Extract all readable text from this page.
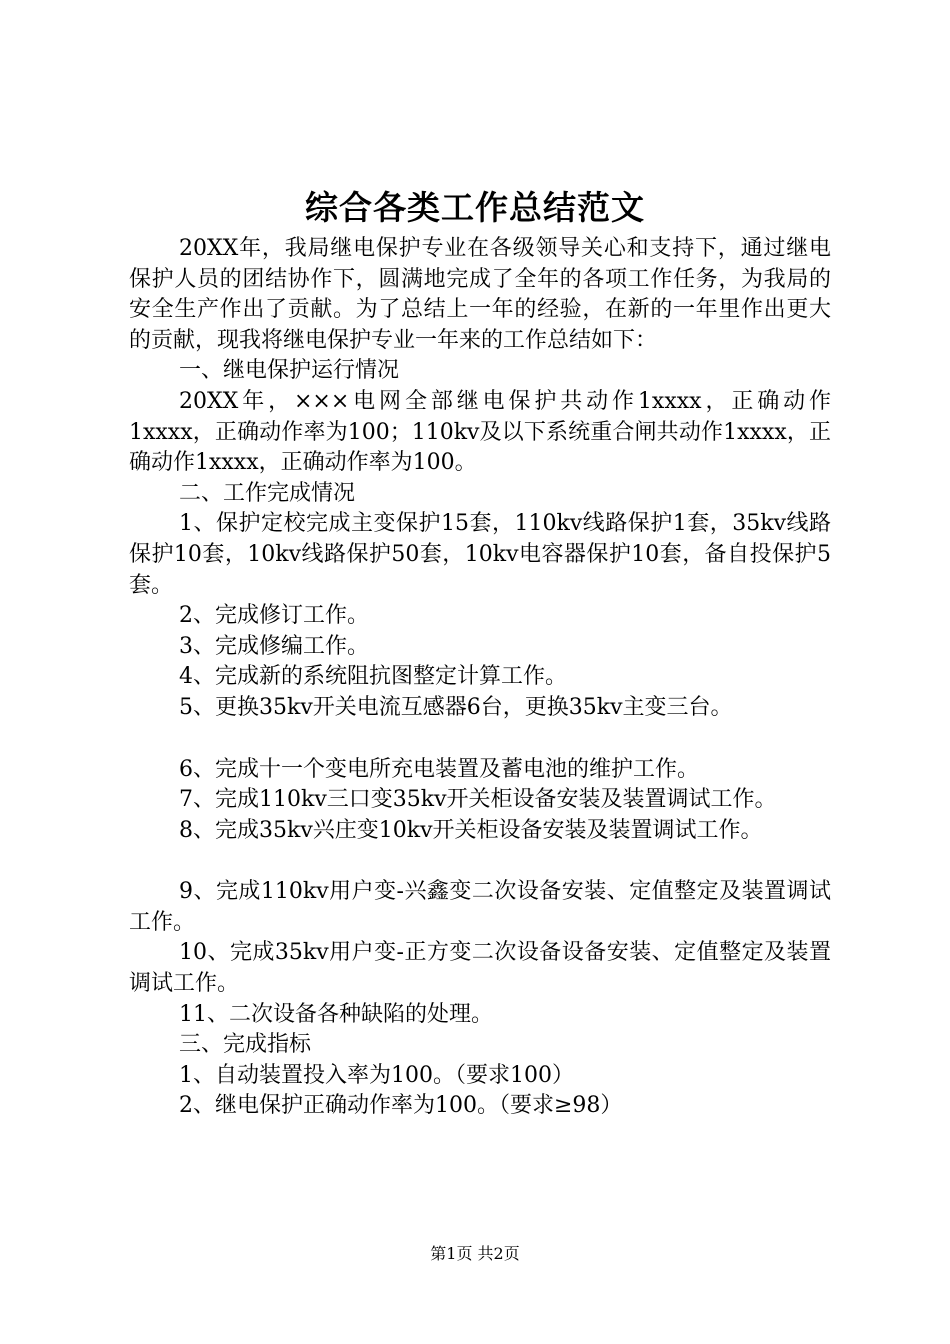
综合各类工作总结范文

20XX年，我局继电保护专业在各级领导关心和支持下，通过继电保护人员的团结协作下，圆满地完成了全年的各项工作任务，为我局的安全生产作出了贡献。为了总结上一年的经验，在新的一年里作出更大的贡献，现我将继电保护专业一年来的工作总结如下：

一、继电保护运行情况

20XX年，×××电网全部继电保护共动作1xxxx，正确动作1xxxx，正确动作率为100；110kv及以下系统重合闸共动作1xxxx，正确动作1xxxx，正确动作率为100。

二、工作完成情况

1、保护定校完成主变保护15套，110kv线路保护1套，35kv线路保护10套，10kv线路保护50套，10kv电容器保护10套，备自投保护5套。

2、完成修订工作。

3、完成修编工作。

4、完成新的系统阻抗图整定计算工作。

5、更换35kv开关电流互感器6台，更换35kv主变三台。

6、完成十一个变电所充电装置及蓄电池的维护工作。

7、完成110kv三口变35kv开关柜设备安装及装置调试工作。

8、完成35kv兴庄变10kv开关柜设备安装及装置调试工作。

9、完成110kv用户变-兴鑫变二次设备安装、定值整定及装置调试工作。

10、完成35kv用户变-正方变二次设备设备安装、定值整定及装置调试工作。

11、二次设备各种缺陷的处理。

三、完成指标

1、自动装置投入率为100。（要求100）

2、继电保护正确动作率为100。（要求≥98）

第1页 共2页
